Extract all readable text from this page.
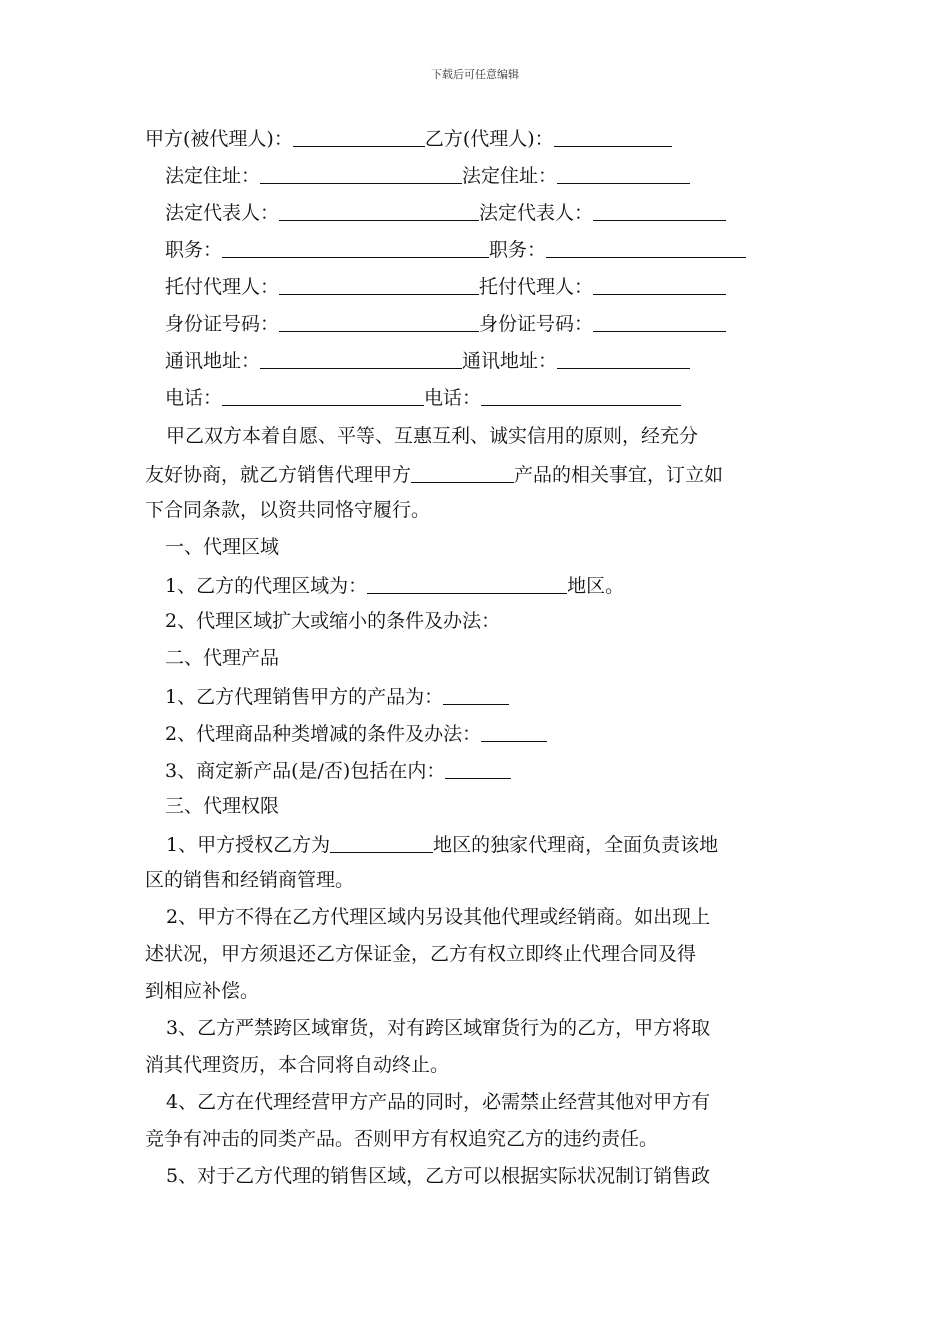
下载后可任意编辑
甲方(被代理人)：	乙方(代理人)：
法定住址：	法定住址：
法定代表人：	法定代表人：
职务：	职务：
托付代理人：	托付代理人：
身份证号码：	身份证号码：
通讯地址：	通讯地址：
电话：	电话：
甲乙双方本着自愿、平等、互惠互利、诚实信用的原则，经充分
友好协商，就乙方销售代理甲方	产品的相关事宜，订立如
下合同条款，以资共同恪守履行。
一、代理区域
1、乙方的代理区域为：	地区。
2、代理区域扩大或缩小的条件及办法：
二、代理产品
1、乙方代理销售甲方的产品为：
2、代理商品种类增减的条件及办法：
3、商定新产品(是/否)包括在内：
三、代理权限
1、甲方授权乙方为	地区的独家代理商，全面负责该地
区的销售和经销商管理。
2、甲方不得在乙方代理区域内另设其他代理或经销商。如出现上
述状况，甲方须退还乙方保证金，乙方有权立即终止代理合同及得
到相应补偿。
3、乙方严禁跨区域窜货，对有跨区域窜货行为的乙方，甲方将取
消其代理资历，本合同将自动终止。
4、乙方在代理经营甲方产品的同时，必需禁止经营其他对甲方有
竞争有冲击的同类产品。否则甲方有权追究乙方的违约责任。
5、对于乙方代理的销售区域，乙方可以根据实际状况制订销售政
